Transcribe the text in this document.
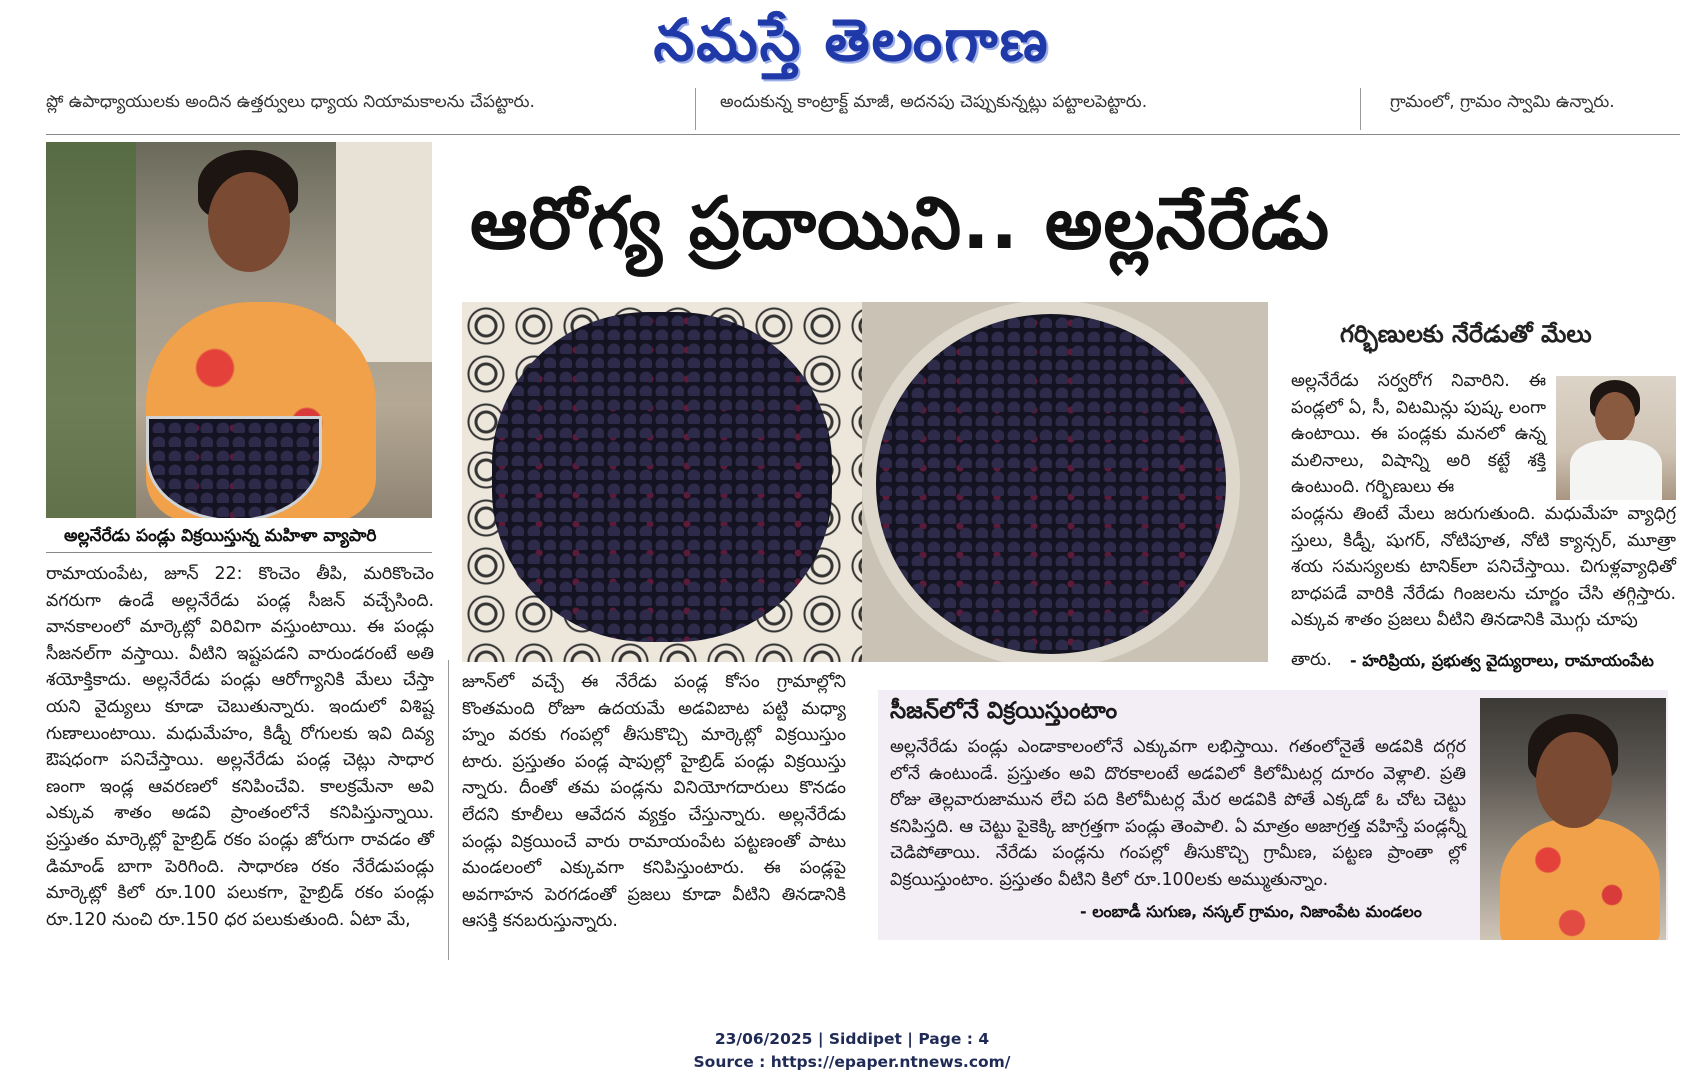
నమస్తే తెలంగాణ
ప్లో ఉపాధ్యాయులకు అందిన ఉత్తర్వులు ధ్యాయ నియామకాలను చేపట్టారు.	అందుకున్న కాంట్రాక్ట్ మాజీ, అదనపు చెప్పుకున్నట్లు పట్టాలపెట్టారు.	గ్రామంలో, గ్రామం స్వామి ఉన్నారు.
అల్లనేరేడు పండ్లు విక్రయిస్తున్న మహిళా వ్యాపారి
ఆరోగ్య ప్రదాయిని.. అల్లనేరేడు
రామాయంపేట, జూన్ 22: కొంచెం తీపి, మరికొంచెం వగరుగా ఉండే అల్లనేరేడు పండ్ల సీజన్ వచ్చేసింది. వానకాలంలో మార్కెట్లో విరివిగా వస్తుంటాయి. ఈ పండ్లు సీజనల్‌గా వస్తాయి. వీటిని ఇష్టపడని వారుండరంటే అతి శయోక్తికాదు. అల్లనేరేడు పండ్లు ఆరోగ్యానికి మేలు చేస్తా యని వైద్యులు కూడా చెబుతున్నారు. ఇందులో విశిష్ట గుణాలుంటాయి. మధుమేహం, కిడ్నీ రోగులకు ఇవి దివ్య ఔషధంగా పనిచేస్తాయి. అల్లనేరేడు పండ్ల చెట్లు సాధార ణంగా ఇండ్ల ఆవరణలో కనిపించేవి. కాలక్రమేనా అవి ఎక్కువ శాతం అడవి ప్రాంతంలోనే కనిపిస్తున్నాయి. ప్రస్తుతం మార్కెట్లో హైబ్రిడ్ రకం పండ్లు జోరుగా రావడం తో డిమాండ్ బాగా పెరిగింది. సాధారణ రకం నేరేడుపండ్లు మార్కెట్లో కిలో రూ.100 పలుకగా, హైబ్రిడ్ రకం పండ్లు రూ.120 నుంచి రూ.150 ధర పలుకుతుంది. ఏటా మే,
జూన్‌లో వచ్చే ఈ నేరేడు పండ్ల కోసం గ్రామాల్లోని కొంతమంది రోజూ ఉదయమే అడవిబాట పట్టి మధ్యా హ్నం వరకు గంపల్లో తీసుకొచ్చి మార్కెట్లో విక్రయిస్తుం టారు. ప్రస్తుతం పండ్ల షాపుల్లో హైబ్రిడ్ పండ్లు విక్రయిస్తు న్నారు. దీంతో తమ పండ్లను వినియోగదారులు కొనడం లేదని కూలీలు ఆవేదన వ్యక్తం చేస్తున్నారు. అల్లనేరేడు పండ్లు విక్రయించే వారు రామాయంపేట పట్టణంతో పాటు మండలంలో ఎక్కువగా కనిపిస్తుంటారు. ఈ పండ్లపై అవగాహన పెరగడంతో ప్రజలు కూడా వీటిని తినడానికి ఆసక్తి కనబరుస్తున్నారు.
గర్భిణులకు నేరేడుతో మేలు
అల్లనేరేడు సర్వరోగ నివారిని. ఈ పండ్లలో ఏ, సీ, విటమిన్లు పుష్క లంగా ఉంటాయి. ఈ పండ్లకు మనలో ఉన్న మలినాలు, విషాన్ని అరి కట్టే శక్తి ఉంటుంది. గర్భిణులు ఈ
పండ్లను తింటే మేలు జరుగుతుంది. మధుమేహ వ్యాధిగ్ర స్తులు, కిడ్నీ, షుగర్, నోటిపూత, నోటి క్యాన్సర్, మూత్రా శయ సమస్యలకు టానిక్‌లా పనిచేస్తాయి. చిగుళ్లవ్యాధితో బాధపడే వారికి నేరేడు గింజలను చూర్ణం చేసి తగ్గిస్తారు. ఎక్కువ శాతం ప్రజలు వీటిని తినడానికి మొగ్గు చూపు
తారు.	- హరిప్రియ, ప్రభుత్వ వైద్యురాలు, రామాయంపేట
సీజన్‌లోనే విక్రయిస్తుంటాం
అల్లనేరేడు పండ్లు ఎండాకాలంలోనే ఎక్కువగా లభిస్తాయి. గతంలోనైతే అడవికి దగ్గర లోనే ఉంటుండే. ప్రస్తుతం అవి దొరకాలంటే అడవిలో కిలోమీటర్ల దూరం వెళ్లాలి. ప్రతి రోజు తెల్లవారుజామున లేచి పది కిలోమీటర్ల మేర అడవికి పోతే ఎక్కడో ఓ చోట చెట్టు కనిపిస్తది. ఆ చెట్టు పైకెక్కి జాగ్రత్తగా పండ్లు తెంపాలి. ఏ మాత్రం అజాగ్రత్త వహిస్తే పండ్లన్నీ చెడిపోతాయి. నేరేడు పండ్లను గంపల్లో తీసుకొచ్చి గ్రామీణ, పట్టణ ప్రాంతా ల్లో విక్రయిస్తుంటాం. ప్రస్తుతం వీటిని కిలో రూ.100లకు అమ్ముతున్నాం.
- లంబాడీ సుగుణ, నస్కల్ గ్రామం, నిజాంపేట మండలం
23/06/2025 | Siddipet | Page : 4
Source : https://epaper.ntnews.com/
